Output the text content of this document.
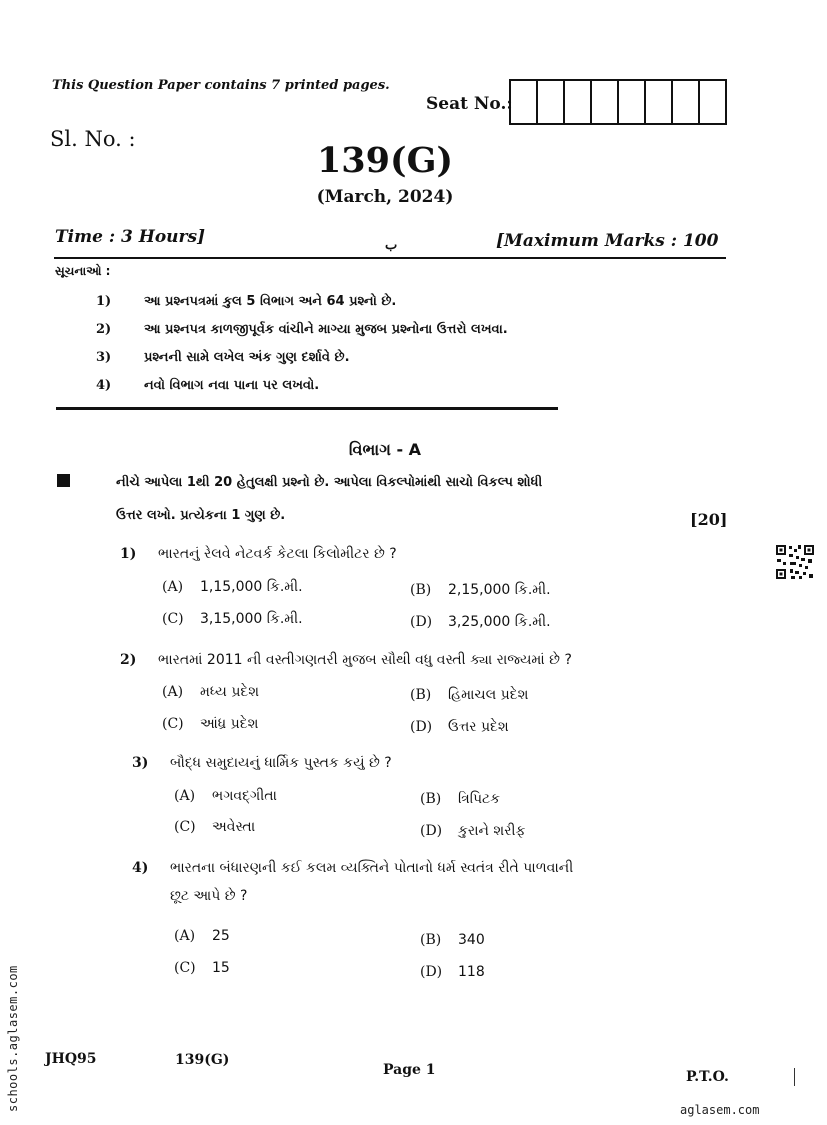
This Question Paper contains 7 printed pages.
Seat No.:
Sl. No. :
139(G)
(March, 2024)
Time : 3 Hours]	ب	[Maximum Marks : 100
સૂચનાઓ :
1)	આ પ્રશ્નપત્રમાં કુલ 5 વિભાગ અને 64 પ્રશ્નો છે.
2)	આ પ્રશ્નપત્ર કાળજીપૂર્વક વાંચીને માગ્યા મુજબ પ્રશ્નોના ઉત્તરો લખવા.
3)	પ્રશ્નની સામે લખેલ અંક ગુણ દર્શાવે છે.
4)	નવો વિભાગ નવા પાના પર લખવો.
વિભાગ - A
નીચે આપેલા 1થી 20 હેતુલક્ષી પ્રશ્નો છે. આપેલા વિકલ્પોમાંથી સાચો વિકલ્પ શોધી
ઉત્તર લખો. પ્રત્યેકના 1 ગુણ છે.	[20]
1) ભારતનું રેલવે નેટવર્ક કેટલા કિલોમીટર છે ?
(A) 1,15,000 કિ.મી.	(B) 2,15,000 કિ.મી.
(C) 3,15,000 કિ.મી.	(D) 3,25,000 કિ.મી.
2) ભારતમાં 2011 ની વસ્તીગણતરી મુજબ સૌથી વધુ વસ્તી ક્યા રાજ્યમાં છે ?
(A) મધ્ય પ્રદેશ	(B) હિમાચલ પ્રદેશ
(C) આંધ્ર પ્રદેશ	(D) ઉત્તર પ્રદેશ
3) બૌદ્ધ સમુદાયનું ધાર્મિક પુસ્તક કયું છે ?
(A) ભગવદ્ગીતા	(B) ત્રિપિટક
(C) અવેસ્તા	(D) કુરાને શરીફ
4) ભારતના બંધારણની કઈ કલમ વ્યક્તિને પોતાનો ધર્મ સ્વતંત્ર રીતે પાળવાની
છૂટ આપે છે ?
(A) 25	(B) 340
(C) 15	(D) 118
schools.aglasem.com JHQ95	139(G)
Page 1	P.T.O.
aglasem.com
